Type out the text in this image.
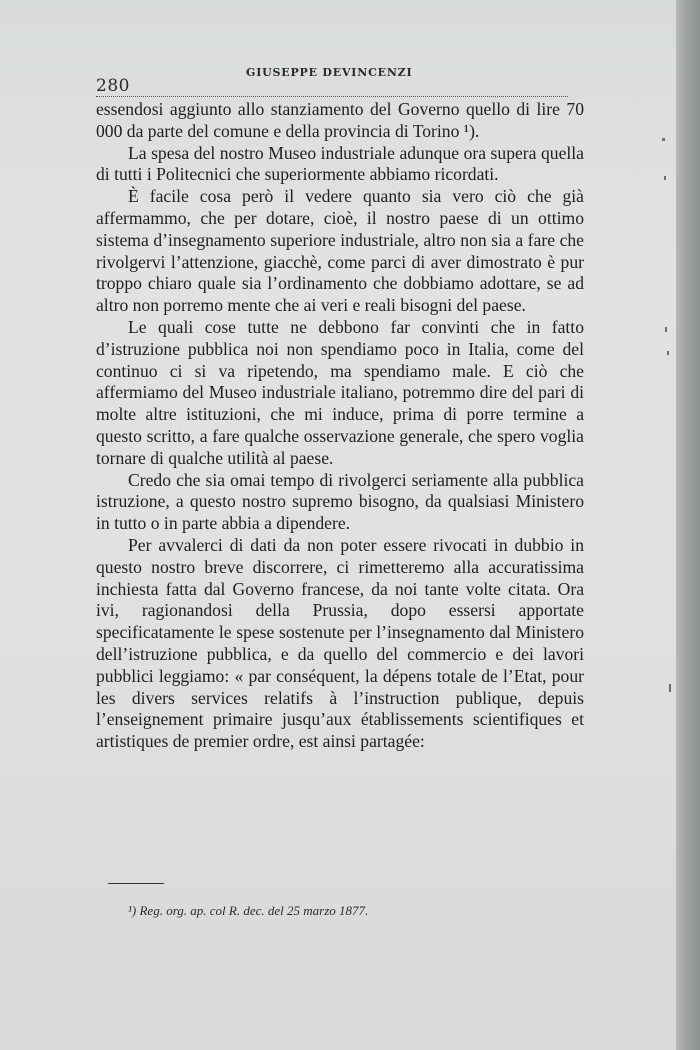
280
GIUSEPPE DEVINCENZI

essendosi aggiunto allo stanziamento del Governo quello di lire 70 000 da parte del comune e della provincia di Torino ¹).

La spesa del nostro Museo industriale adunque ora supera quella di tutti i Politecnici che superiormente abbiamo ricordati.

È facile cosa però il vedere quanto sia vero ciò che già affermammo, che per dotare, cioè, il nostro paese di un ottimo sistema d’insegnamento superiore industriale, altro non sia a fare che rivolgervi l’attenzione, giacchè, come parci di aver dimostrato è pur troppo chiaro quale sia l’ordinamento che dobbiamo adottare, se ad altro non porremo mente che ai veri e reali bisogni del paese.

Le quali cose tutte ne debbono far convinti che in fatto d’istruzione pubblica noi non spendiamo poco in Italia, come del continuo ci si va ripetendo, ma spendiamo male. E ciò che affermiamo del Museo industriale italiano, potremmo dire del pari di molte altre istituzioni, che mi induce, prima di porre termine a questo scritto, a fare qualche osservazione generale, che spero voglia tornare di qualche utilità al paese.

Credo che sia omai tempo di rivolgerci seriamente alla pubblica istruzione, a questo nostro supremo bisogno, da qualsiasi Ministero in tutto o in parte abbia a dipendere.

Per avvalerci di dati da non poter essere rivocati in dubbio in questo nostro breve discorrere, ci rimetteremo alla accuratissima inchiesta fatta dal Governo francese, da noi tante volte citata. Ora ivi, ragionandosi della Prussia, dopo essersi apportate specificatamente le spese sostenute per l’insegnamento dal Ministero dell’istruzione pubblica, e da quello del commercio e dei lavori pubblici leggiamo: « par conséquent, la dépens totale de l’Etat, pour les divers services relatifs à l’instruction publique, depuis l’enseignement primaire jusqu’aux établissements scientifiques et artistiques de premier ordre, est ainsi partagée:

¹) Reg. org. ap. col R. dec. del 25 marzo 1877.
